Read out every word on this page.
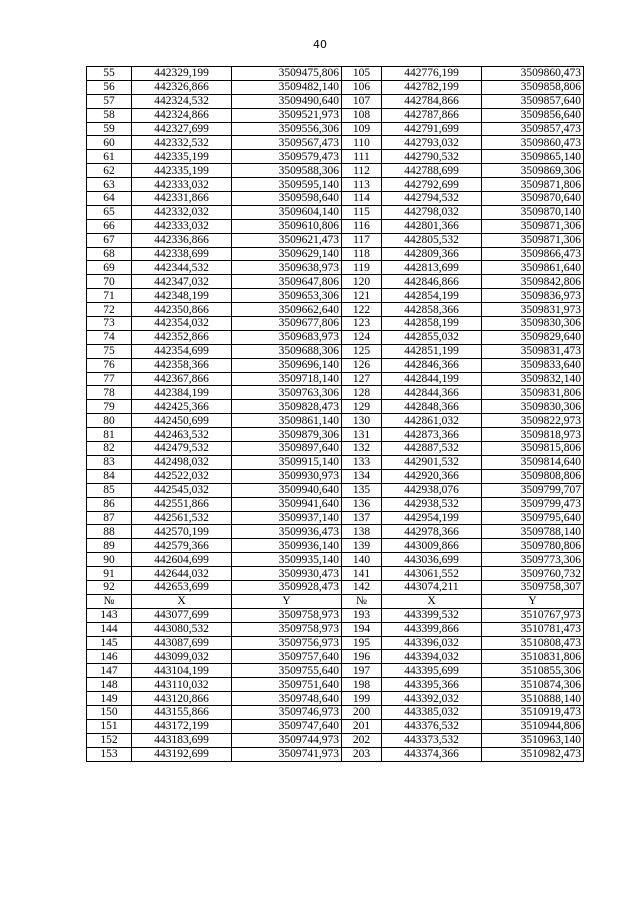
40
55	442329,199	3509475,806	105	442776,199	3509860,473
56	442326,866	3509482,140	106	442782,199	3509858,806
57	442324,532	3509490,640	107	442784,866	3509857,640
58	442324,866	3509521,973	108	442787,866	3509856,640
59	442327,699	3509556,306	109	442791,699	3509857,473
60	442332,532	3509567,473	110	442793,032	3509860,473
61	442335,199	3509579,473	111	442790,532	3509865,140
62	442335,199	3509588,306	112	442788,699	3509869,306
63	442333,032	3509595,140	113	442792,699	3509871,806
64	442331,866	3509598,640	114	442794,532	3509870,640
65	442332,032	3509604,140	115	442798,032	3509870,140
66	442333,032	3509610,806	116	442801,366	3509871,306
67	442336,866	3509621,473	117	442805,532	3509871,306
68	442338,699	3509629,140	118	442809,366	3509866,473
69	442344,532	3509638,973	119	442813,699	3509861,640
70	442347,032	3509647,806	120	442846,866	3509842,806
71	442348,199	3509653,306	121	442854,199	3509836,973
72	442350,866	3509662,640	122	442858,366	3509831,973
73	442354,032	3509677,806	123	442858,199	3509830,306
74	442352,866	3509683,973	124	442855,032	3509829,640
75	442354,699	3509688,306	125	442851,199	3509831,473
76	442358,366	3509696,140	126	442846,366	3509833,640
77	442367,866	3509718,140	127	442844,199	3509832,140
78	442384,199	3509763,306	128	442844,366	3509831,806
79	442425,366	3509828,473	129	442848,366	3509830,306
80	442450,699	3509861,140	130	442861,032	3509822,973
81	442463,532	3509879,306	131	442873,366	3509818,973
82	442479,532	3509897,640	132	442887,532	3509815,806
83	442498,032	3509915,140	133	442901,532	3509814,640
84	442522,032	3509930,973	134	442920,366	3509808,806
85	442545,032	3509940,640	135	442938,076	3509799,707
86	442551,866	3509941,640	136	442938,532	3509799,473
87	442561,532	3509937,140	137	442954,199	3509795,640
88	442570,199	3509936,473	138	442978,366	3509788,140
89	442579,366	3509936,140	139	443009,866	3509780,806
90	442604,699	3509935,140	140	443036,699	3509773,306
91	442644,032	3509930,473	141	443061,552	3509760,732
92	442653,699	3509928,473	142	443074,211	3509758,307
№	X	Y	№	X	Y
143	443077,699	3509758,973	193	443399,532	3510767,973
144	443080,532	3509758,973	194	443399,866	3510781,473
145	443087,699	3509756,973	195	443396,032	3510808,473
146	443099,032	3509757,640	196	443394,032	3510831,806
147	443104,199	3509755,640	197	443395,699	3510855,306
148	443110,032	3509751,640	198	443395,366	3510874,306
149	443120,866	3509748,640	199	443392,032	3510888,140
150	443155,866	3509746,973	200	443385,032	3510919,473
151	443172,199	3509747,640	201	443376,532	3510944,806
152	443183,699	3509744,973	202	443373,532	3510963,140
153	443192,699	3509741,973	203	443374,366	3510982,473
